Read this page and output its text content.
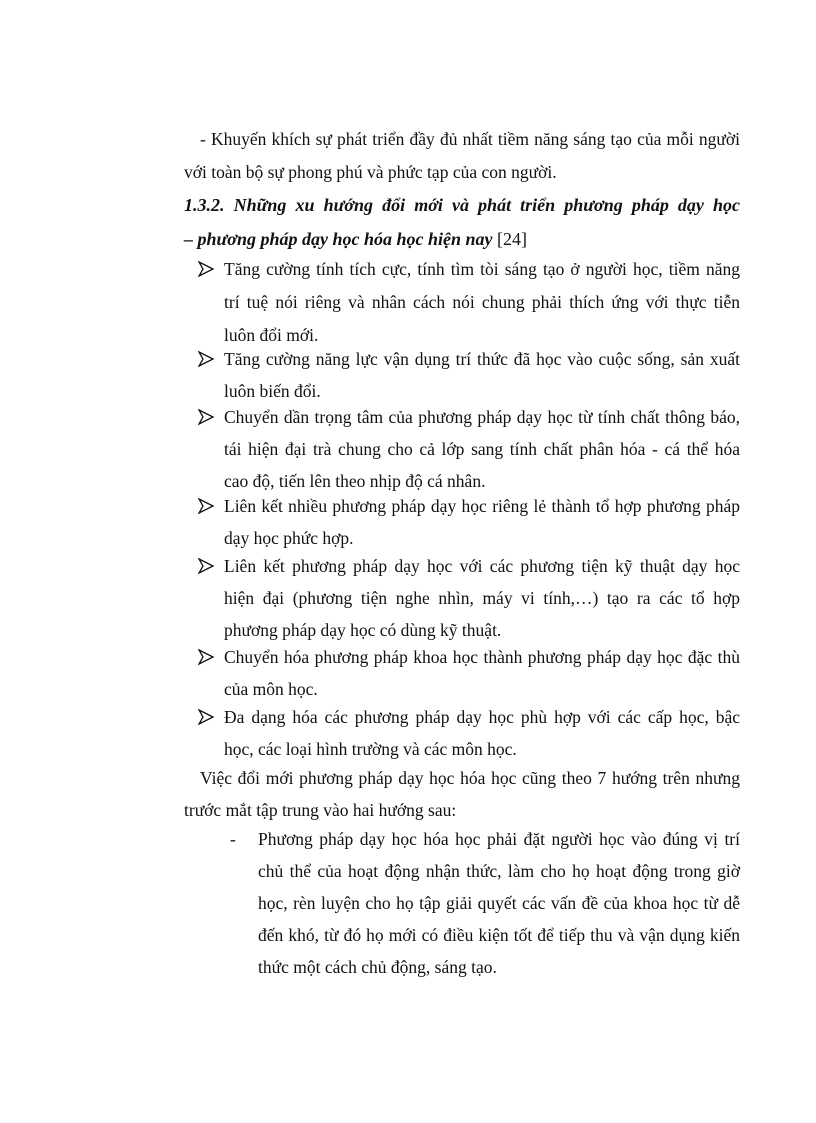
- Khuyến khích sự phát triển đầy đủ nhất tiềm năng sáng tạo của mỗi người
với toàn bộ sự phong phú và phức tạp của con người.
1.3.2. Những xu hướng đổi mới và phát triển phương pháp dạy học
– phương pháp dạy học hóa học hiện nay [24]
Tăng cường tính tích cực, tính tìm tòi sáng tạo ở người học, tiềm năng
trí tuệ nói riêng và nhân cách nói chung phải thích ứng với thực tiễn
luôn đổi mới.
Tăng cường năng lực vận dụng trí thức đã học vào cuộc sống, sản xuất
luôn biến đổi.
Chuyển dần trọng tâm của phương pháp dạy học từ tính chất thông báo,
tái hiện đại trà chung cho cả lớp sang tính chất phân hóa - cá thể hóa
cao độ, tiến lên theo nhịp độ cá nhân.
Liên kết nhiều phương pháp dạy học riêng lẻ thành tổ hợp phương pháp
dạy học phức hợp.
Liên kết phương pháp dạy học với các phương tiện kỹ thuật dạy học
hiện đại (phương tiện nghe nhìn, máy vi tính,…) tạo ra các tổ hợp
phương pháp dạy học có dùng kỹ thuật.
Chuyển hóa phương pháp khoa học thành phương pháp dạy học đặc thù
của môn học.
Đa dạng hóa các phương pháp dạy học phù hợp với các cấp học, bậc
học, các loại hình trường và các môn học.
Việc đổi mới phương pháp dạy học hóa học cũng theo 7 hướng trên nhưng
trước mắt tập trung vào hai hướng sau:
- Phương pháp dạy học hóa học phải đặt người học vào đúng vị trí
chủ thể của hoạt động nhận thức, làm cho họ hoạt động trong giờ
học, rèn luyện cho họ tập giải quyết các vấn đề của khoa học từ dễ
đến khó, từ đó họ mới có điều kiện tốt để tiếp thu và vận dụng kiến
thức một cách chủ động, sáng tạo.
